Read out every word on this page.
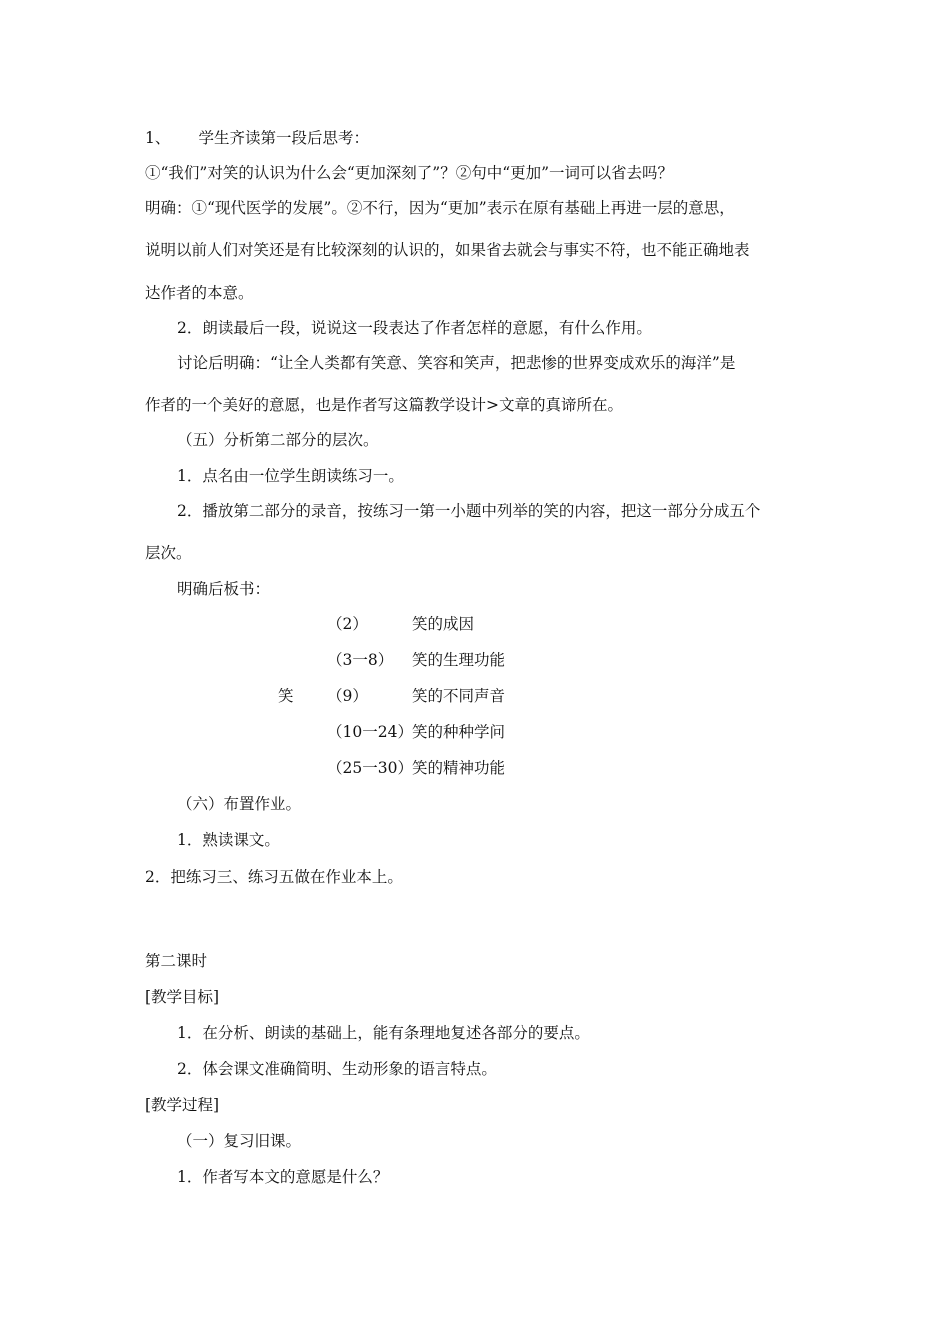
1、　　 学生齐读第一段后思考：
①“我们”对笑的认识为什么会“更加深刻了”？②句中“更加”一词可以省去吗？
明确：①“现代医学的发展”。②不行，因为“更加”表示在原有基础上再进一层的意思，
说明以前人们对笑还是有比较深刻的认识的，如果省去就会与事实不符，也不能正确地表
达作者的本意。
2．朗读最后一段，说说这一段表达了作者怎样的意愿，有什么作用。
讨论后明确：“让全人类都有笑意、笑容和笑声，把悲惨的世界变成欢乐的海洋”是
作者的一个美好的意愿，也是作者写这篇教学设计>文章的真谛所在。
（五）分析第二部分的层次。
1．点名由一位学生朗读练习一。
2．播放第二部分的录音，按练习一第一小题中列举的笑的内容，把这一部分分成五个
层次。
明确后板书：
笑
（2）	笑的成因
（3一8） 笑的生理功能
（9）	笑的不同声音
（10一24） 笑的种种学问
（25一30） 笑的精神功能
（六）布置作业。
1．熟读课文。
2．把练习三、练习五做在作业本上。
第二课时
[教学目标]
1．在分析、朗读的基础上，能有条理地复述各部分的要点。
2．体会课文准确简明、生动形象的语言特点。
[教学过程]
（一）复习旧课。
1．作者写本文的意愿是什么？
